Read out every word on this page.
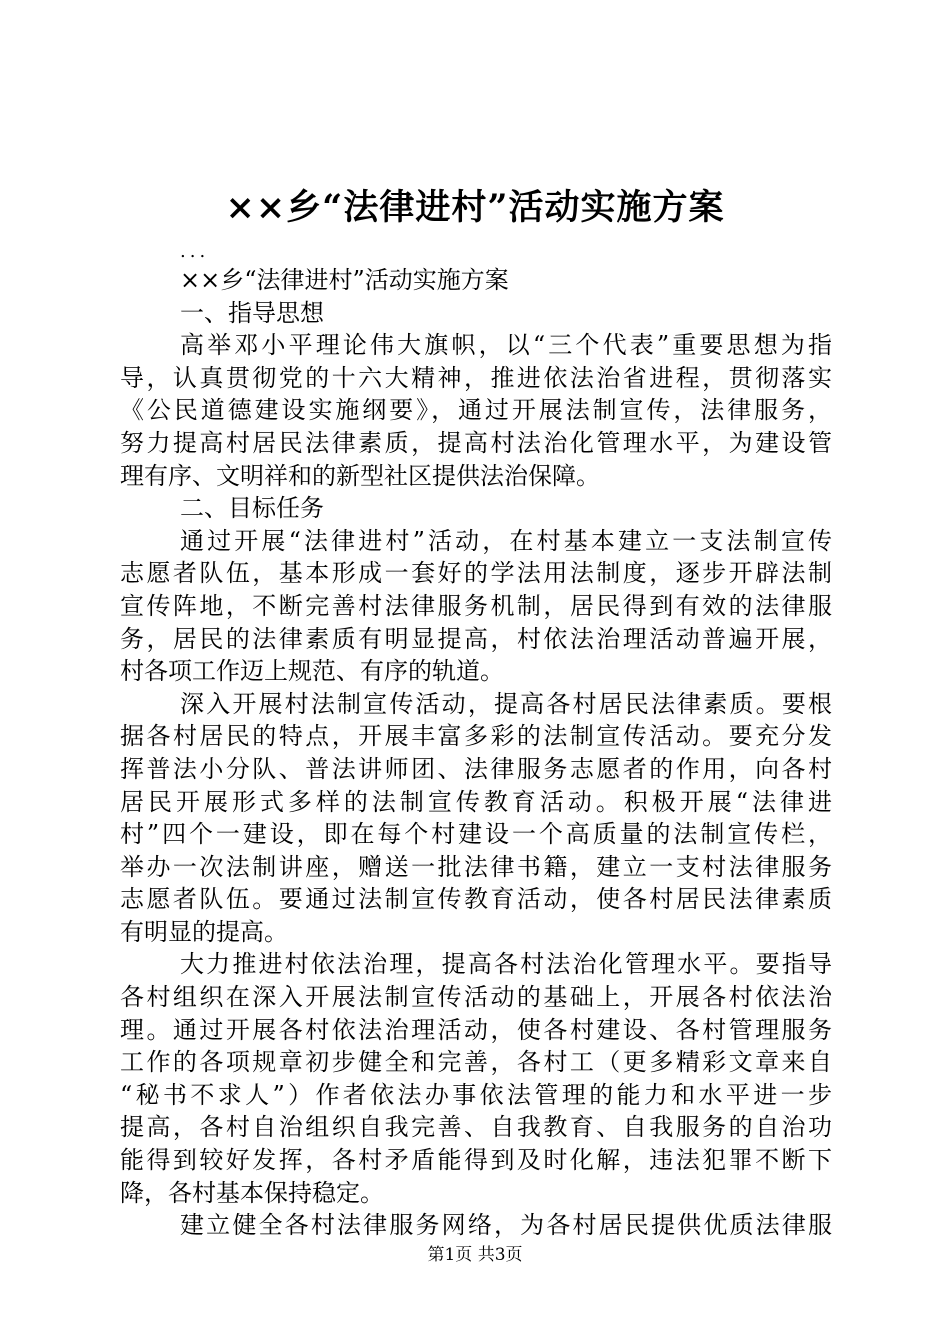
××乡“法律进村”活动实施方案
...
××乡“法律进村”活动实施方案
一、指导思想
高举邓小平理论伟大旗帜，以“三个代表”重要思想为指
导，认真贯彻党的十六大精神，推进依法治省进程，贯彻落实
《公民道德建设实施纲要》，通过开展法制宣传，法律服务，
努力提高村居民法律素质，提高村法治化管理水平，为建设管
理有序、文明祥和的新型社区提供法治保障。
二、目标任务
通过开展“法律进村”活动，在村基本建立一支法制宣传
志愿者队伍，基本形成一套好的学法用法制度，逐步开辟法制
宣传阵地，不断完善村法律服务机制，居民得到有效的法律服
务，居民的法律素质有明显提高，村依法治理活动普遍开展，
村各项工作迈上规范、有序的轨道。
深入开展村法制宣传活动，提高各村居民法律素质。要根
据各村居民的特点，开展丰富多彩的法制宣传活动。要充分发
挥普法小分队、普法讲师团、法律服务志愿者的作用，向各村
居民开展形式多样的法制宣传教育活动。积极开展“法律进
村”四个一建设，即在每个村建设一个高质量的法制宣传栏，
举办一次法制讲座，赠送一批法律书籍，建立一支村法律服务
志愿者队伍。要通过法制宣传教育活动，使各村居民法律素质
有明显的提高。
大力推进村依法治理，提高各村法治化管理水平。要指导
各村组织在深入开展法制宣传活动的基础上，开展各村依法治
理。通过开展各村依法治理活动，使各村建设、各村管理服务
工作的各项规章初步健全和完善，各村工（更多精彩文章来自
“秘书不求人”）作者依法办事依法管理的能力和水平进一步
提高，各村自治组织自我完善、自我教育、自我服务的自治功
能得到较好发挥，各村矛盾能得到及时化解，违法犯罪不断下
降，各村基本保持稳定。
建立健全各村法律服务网络，为各村居民提供优质法律服
第1页 共3页
